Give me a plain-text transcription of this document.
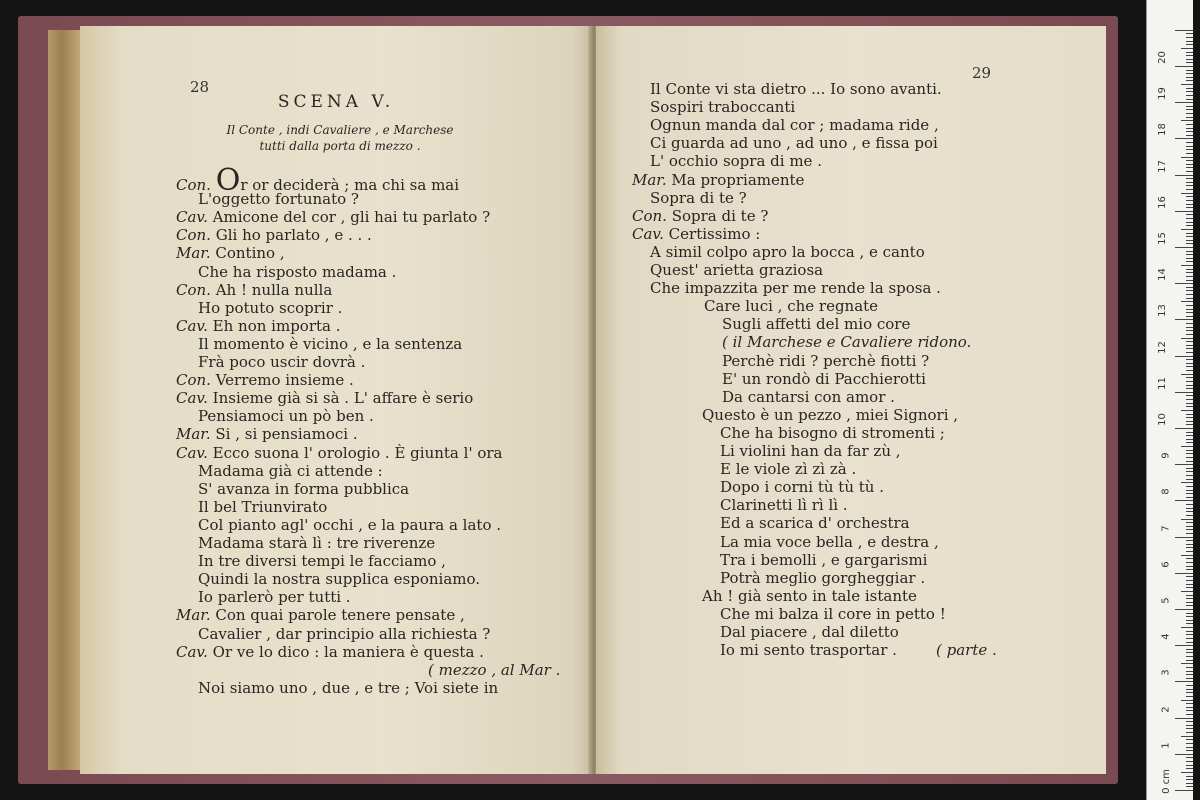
28
SCENA V.
Il Conte , indi Cavaliere , e Marchese
tutti dalla porta di mezzo .
Con. Or or deciderà ; ma chi sa mai
L'oggetto fortunato ?
Cav. Amicone del cor , gli hai tu parlato ?
Con. Gli ho parlato , e . . .
Mar. Contino ,
Che ha risposto madama .
Con. Ah ! nulla nulla
Ho potuto scoprir .
Cav. Eh non importa .
Il momento è vicino , e la sentenza
Frà poco uscir dovrà .
Con. Verremo insieme .
Cav. Insieme già si sà . L' affare è serio
Pensiamoci un pò ben .
Mar. Si , si pensiamoci .
Cav. Ecco suona l' orologio . È giunta l' ora
Madama già ci attende :
S' avanza in forma pubblica
Il bel Triunvirato
Col pianto agl' occhi , e la paura a lato .
Madama starà lì : tre riverenze
In tre diversi tempi le facciamo ,
Quindi la nostra supplica esponiamo.
Io parlerò per tutti .
Mar. Con quai parole tenere pensate ,
Cavalier , dar principio alla richiesta ?
Cav. Or ve lo dico : la maniera è questa .
( mezzo , al Mar .
Noi siamo uno , due , e tre ; Voi siete in
29
Il Conte vi sta dietro ... Io sono avanti.
Sospiri traboccanti
Ognun manda dal cor ; madama ride ,
Ci guarda ad uno , ad uno , e fissa poi
L' occhio sopra di me .
Mar. Ma propriamente
Sopra di te ?
Con. Sopra di te ?
Cav. Certissimo :
A simil colpo apro la bocca , e canto
Quest' arietta graziosa
Che impazzita per me rende la sposa .
Care luci , che regnate
Sugli affetti del mio core
( il Marchese e Cavaliere ridono.
Perchè ridi ? perchè fiotti ?
E' un rondò di Pacchierotti
Da cantarsi con amor .
Questo è un pezzo , miei Signori ,
Che ha bisogno di stromenti ;
Li violini han da far zù ,
E le viole zì zì zà .
Dopo i corni tù tù tù .
Clarinetti lì rì lì .
Ed a scarica d' orchestra
La mia voce bella , e destra ,
Tra i bemolli , e gargarismi
Potrà meglio gorgheggiar .
Ah ! già sento in tale istante
Che mi balza il core in petto !
Dal piacere , dal diletto
Io mi sento trasportar .	( parte .
0 cm
1
2
3
4
5
6
7
8
9
10
11
12
13
14
15
16
17
18
19
20
